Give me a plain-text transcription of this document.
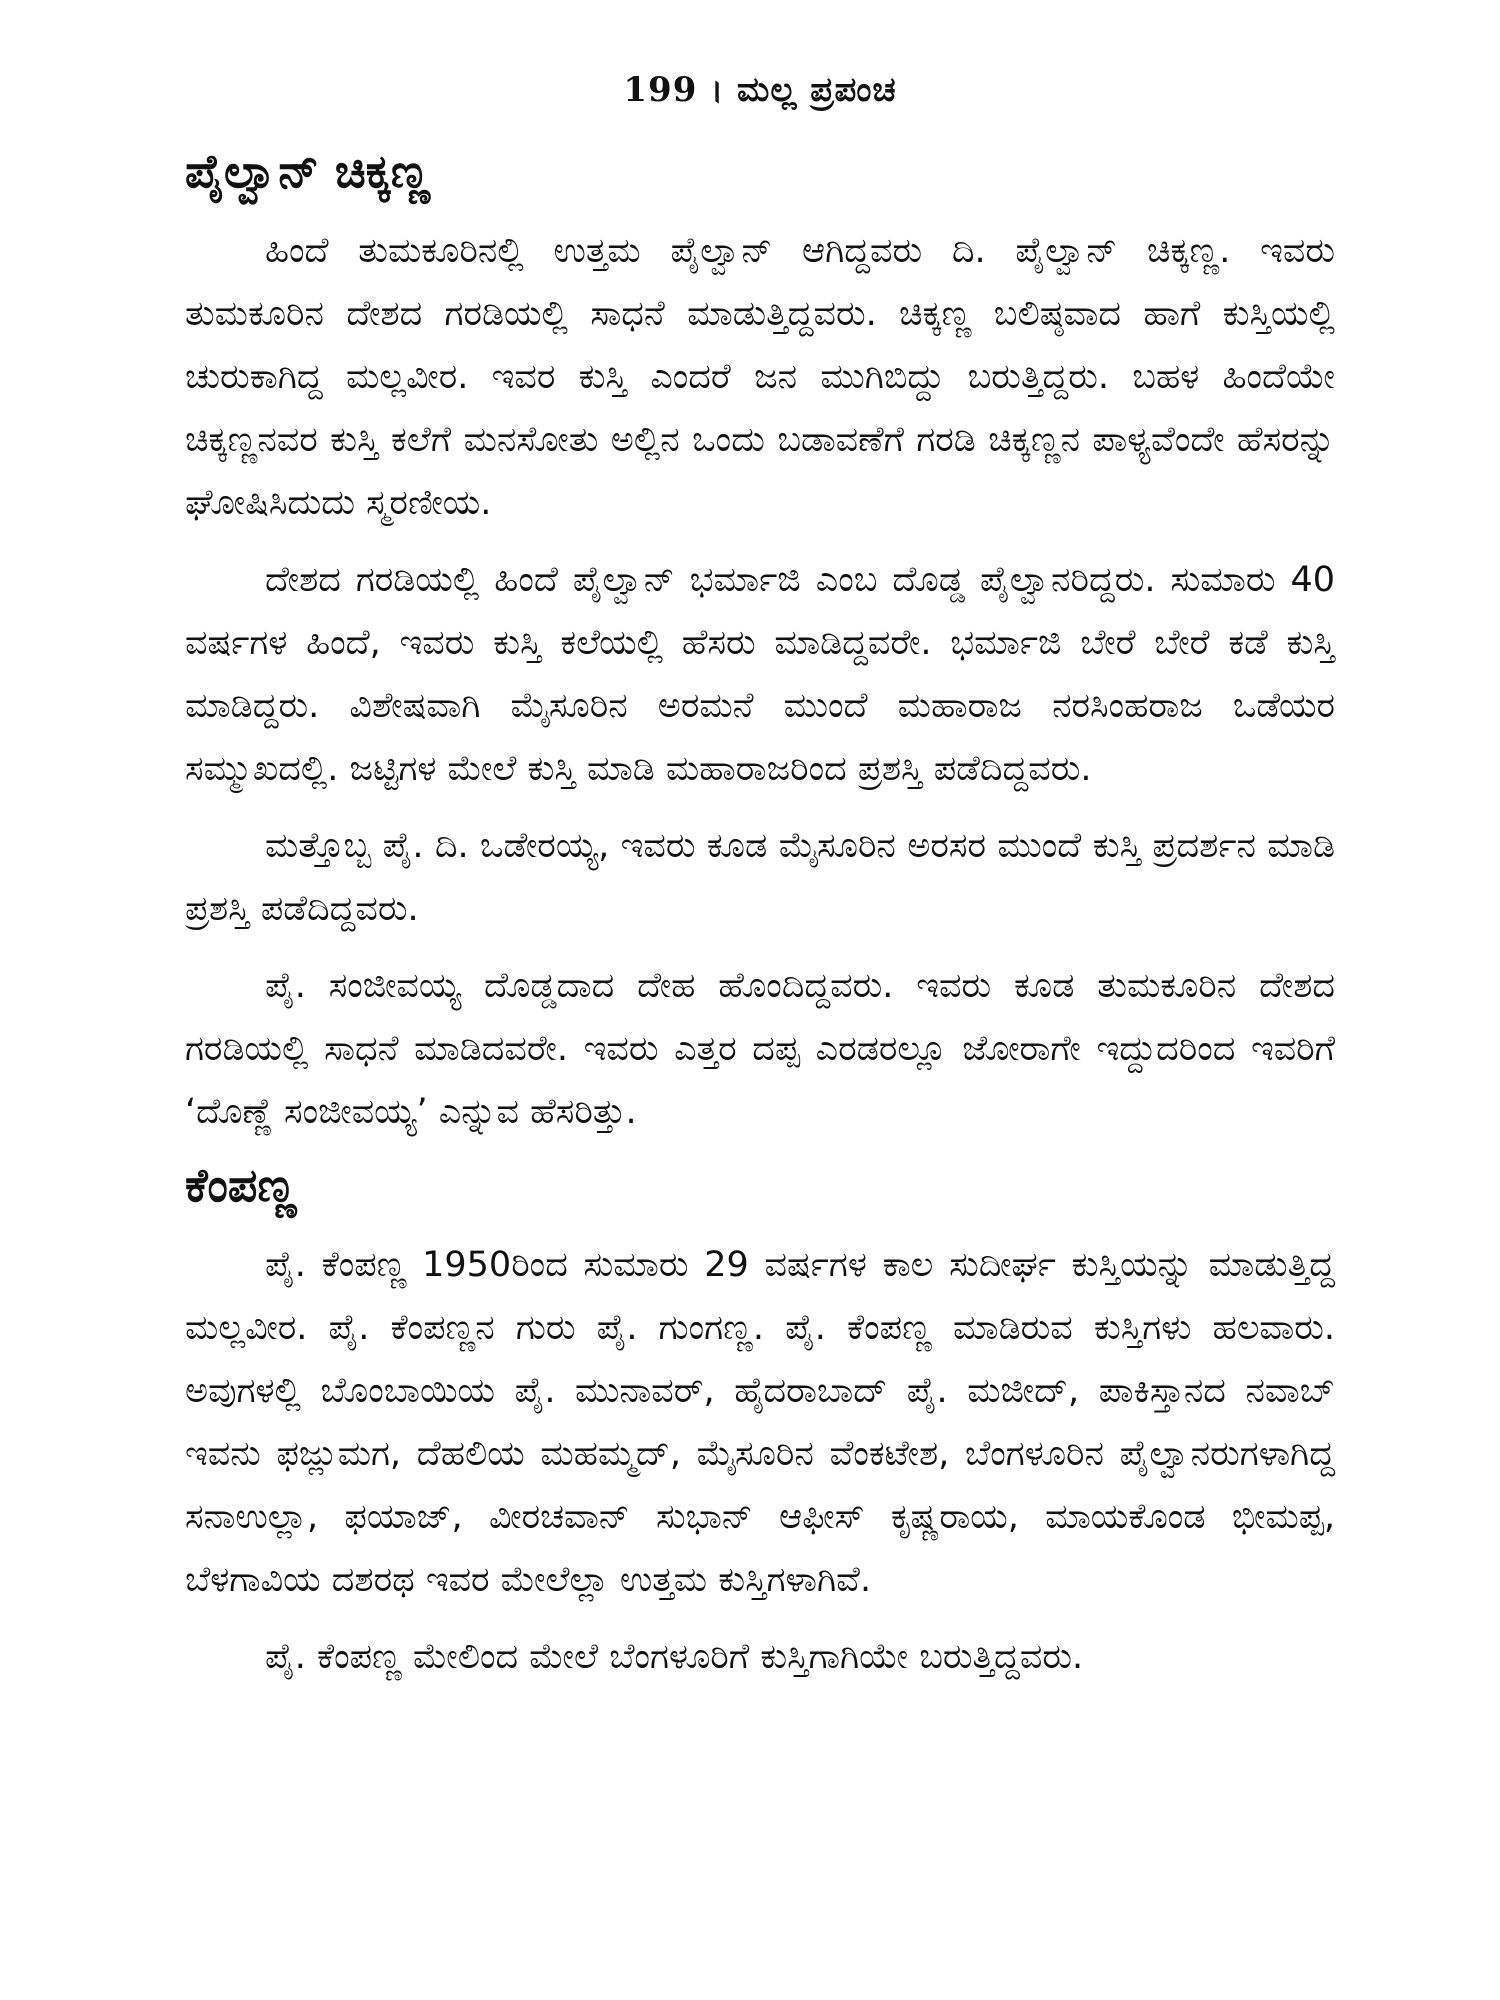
199 । ಮಲ್ಲ ಪ್ರಪಂಚ
ಪೈಲ್ವಾನ್ ಚಿಕ್ಕಣ್ಣ

ಹಿಂದೆ ತುಮಕೂರಿನಲ್ಲಿ ಉತ್ತಮ ಪೈಲ್ವಾನ್ ಆಗಿದ್ದವರು ದಿ. ಪೈಲ್ವಾನ್ ಚಿಕ್ಕಣ್ಣ. ಇವರು ತುಮಕೂರಿನ ದೇಶದ ಗರಡಿಯಲ್ಲಿ ಸಾಧನೆ ಮಾಡುತ್ತಿದ್ದವರು. ಚಿಕ್ಕಣ್ಣ ಬಲಿಷ್ಠವಾದ ಹಾಗೆ ಕುಸ್ತಿಯಲ್ಲಿ ಚುರುಕಾಗಿದ್ದ ಮಲ್ಲವೀರ. ಇವರ ಕುಸ್ತಿ ಎಂದರೆ ಜನ ಮುಗಿಬಿದ್ದು ಬರುತ್ತಿದ್ದರು. ಬಹಳ ಹಿಂದೆಯೇ ಚಿಕ್ಕಣ್ಣನವರ ಕುಸ್ತಿ ಕಲೆಗೆ ಮನಸೋತು ಅಲ್ಲಿನ ಒಂದು ಬಡಾವಣೆಗೆ ಗರಡಿ ಚಿಕ್ಕಣ್ಣನ ಪಾಳ್ಯವೆಂದೇ ಹೆಸರನ್ನು ಘೋಷಿಸಿದುದು ಸ್ಮರಣೀಯ.

ದೇಶದ ಗರಡಿಯಲ್ಲಿ ಹಿಂದೆ ಪೈಲ್ವಾನ್ ಭರ್ಮಾಜಿ ಎಂಬ ದೊಡ್ಡ ಪೈಲ್ವಾನರಿದ್ದರು. ಸುಮಾರು 40 ವರ್ಷಗಳ ಹಿಂದೆ, ಇವರು ಕುಸ್ತಿ ಕಲೆಯಲ್ಲಿ ಹೆಸರು ಮಾಡಿದ್ದವರೇ. ಭರ್ಮಾಜಿ ಬೇರೆ ಬೇರೆ ಕಡೆ ಕುಸ್ತಿ ಮಾಡಿದ್ದರು. ವಿಶೇಷವಾಗಿ ಮೈಸೂರಿನ ಅರಮನೆ ಮುಂದೆ ಮಹಾರಾಜ ನರಸಿಂಹರಾಜ ಒಡೆಯರ ಸಮ್ಮುಖದಲ್ಲಿ. ಜಟ್ಟಿಗಳ ಮೇಲೆ ಕುಸ್ತಿ ಮಾಡಿ ಮಹಾರಾಜರಿಂದ ಪ್ರಶಸ್ತಿ ಪಡೆದಿದ್ದವರು.

ಮತ್ತೊಬ್ಬ ಪೈ. ದಿ. ಒಡೇರಯ್ಯ, ಇವರು ಕೂಡ ಮೈಸೂರಿನ ಅರಸರ ಮುಂದೆ ಕುಸ್ತಿ ಪ್ರದರ್ಶನ ಮಾಡಿ ಪ್ರಶಸ್ತಿ ಪಡೆದಿದ್ದವರು.

ಪೈ. ಸಂಜೀವಯ್ಯ ದೊಡ್ಡದಾದ ದೇಹ ಹೊಂದಿದ್ದವರು. ಇವರು ಕೂಡ ತುಮಕೂರಿನ ದೇಶದ ಗರಡಿಯಲ್ಲಿ ಸಾಧನೆ ಮಾಡಿದವರೇ. ಇವರು ಎತ್ತರ ದಪ್ಪ ಎರಡರಲ್ಲೂ ಜೋರಾಗೇ ಇದ್ದುದರಿಂದ ಇವರಿಗೆ ‘ದೊಣ್ಣೆ ಸಂಜೀವಯ್ಯ’ ಎನ್ನುವ ಹೆಸರಿತ್ತು.

ಕೆಂಪಣ್ಣ

ಪೈ. ಕೆಂಪಣ್ಣ 1950ರಿಂದ ಸುಮಾರು 29 ವರ್ಷಗಳ ಕಾಲ ಸುದೀರ್ಘ ಕುಸ್ತಿಯನ್ನು ಮಾಡುತ್ತಿದ್ದ ಮಲ್ಲವೀರ. ಪೈ. ಕೆಂಪಣ್ಣನ ಗುರು ಪೈ. ಗುಂಗಣ್ಣ. ಪೈ. ಕೆಂಪಣ್ಣ ಮಾಡಿರುವ ಕುಸ್ತಿಗಳು ಹಲವಾರು. ಅವುಗಳಲ್ಲಿ ಬೊಂಬಾಯಿಯ ಪೈ. ಮುನಾವರ್, ಹೈದರಾಬಾದ್ ಪೈ. ಮಜೀದ್, ಪಾಕಿಸ್ತಾನದ ನವಾಬ್ ಇವನು ಫಜ್ಲುಮಗ, ದೆಹಲಿಯ ಮಹಮ್ಮದ್, ಮೈಸೂರಿನ ವೆಂಕಟೇಶ, ಬೆಂಗಳೂರಿನ ಪೈಲ್ವಾನರುಗಳಾಗಿದ್ದ ಸನಾಉಲ್ಲಾ, ಫಯಾಜ್, ವೀರಚವಾನ್ ಸುಭಾನ್ ಆಫೀಸ್ ಕೃಷ್ಣರಾಯ, ಮಾಯಕೊಂಡ ಭೀಮಪ್ಪ, ಬೆಳಗಾವಿಯ ದಶರಥ ಇವರ ಮೇಲೆಲ್ಲಾ ಉತ್ತಮ ಕುಸ್ತಿಗಳಾಗಿವೆ.

ಪೈ. ಕೆಂಪಣ್ಣ ಮೇಲಿಂದ ಮೇಲೆ ಬೆಂಗಳೂರಿಗೆ ಕುಸ್ತಿಗಾಗಿಯೇ ಬರುತ್ತಿದ್ದವರು.
